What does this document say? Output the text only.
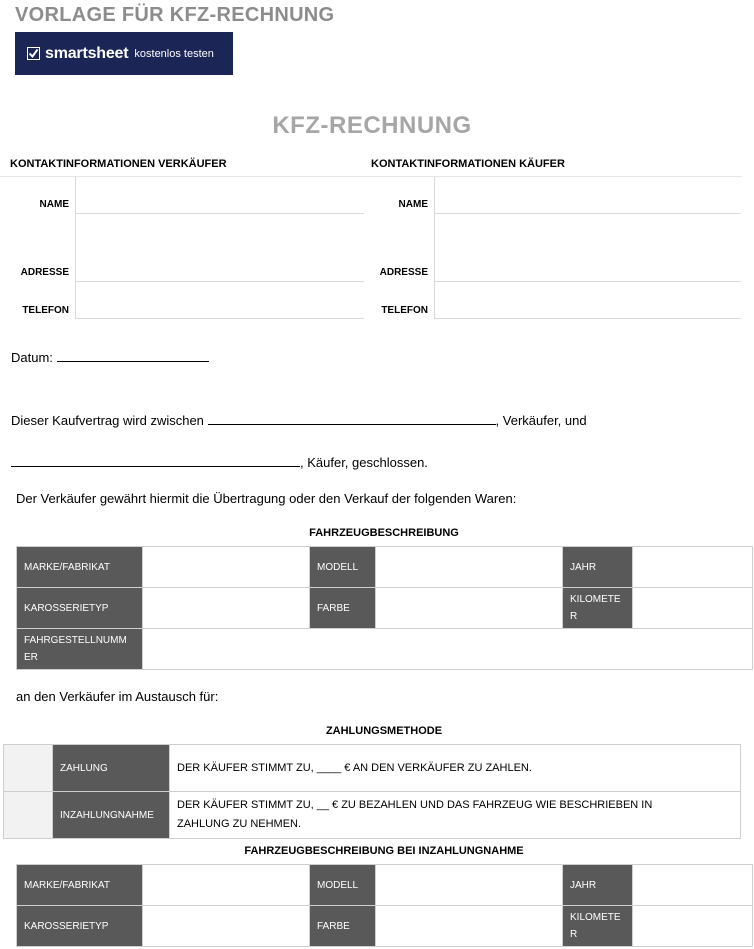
VORLAGE FÜR KFZ-RECHNUNG
smartsheet kostenlos testen
KFZ-RECHNUNG
KONTAKTINFORMATIONEN VERKÄUFER	KONTAKTINFORMATIONEN KÄUFER
NAME
ADRESSE
TELEFON
NAME
ADRESSE
TELEFON
Datum:
Dieser Kaufvertrag wird zwischen	, Verkäufer, und
, Käufer, geschlossen.
Der Verkäufer gewährt hiermit die Übertragung oder den Verkauf der folgenden Waren:
FAHRZEUGBESCHREIBUNG
MARKE/FABRIKAT		MODELL		JAHR	
KAROSSERIETYP		FARBE		KILOMETE
R	
FAHRGESTELLNUMM
ER					
an den Verkäufer im Austausch für:
ZAHLUNGSMETHODE
	ZAHLUNG	DER KÄUFER STIMMT ZU, ____ € AN DEN VERKÄUFER ZU ZAHLEN.
	INZAHLUNGNAHME	DER KÄUFER STIMMT ZU, __ € ZU BEZAHLEN UND DAS FAHRZEUG WIE BESCHRIEBEN IN
ZAHLUNG ZU NEHMEN.
FAHRZEUGBESCHREIBUNG BEI INZAHLUNGNAHME
MARKE/FABRIKAT		MODELL		JAHR	
KAROSSERIETYP		FARBE		KILOMETE
R	
